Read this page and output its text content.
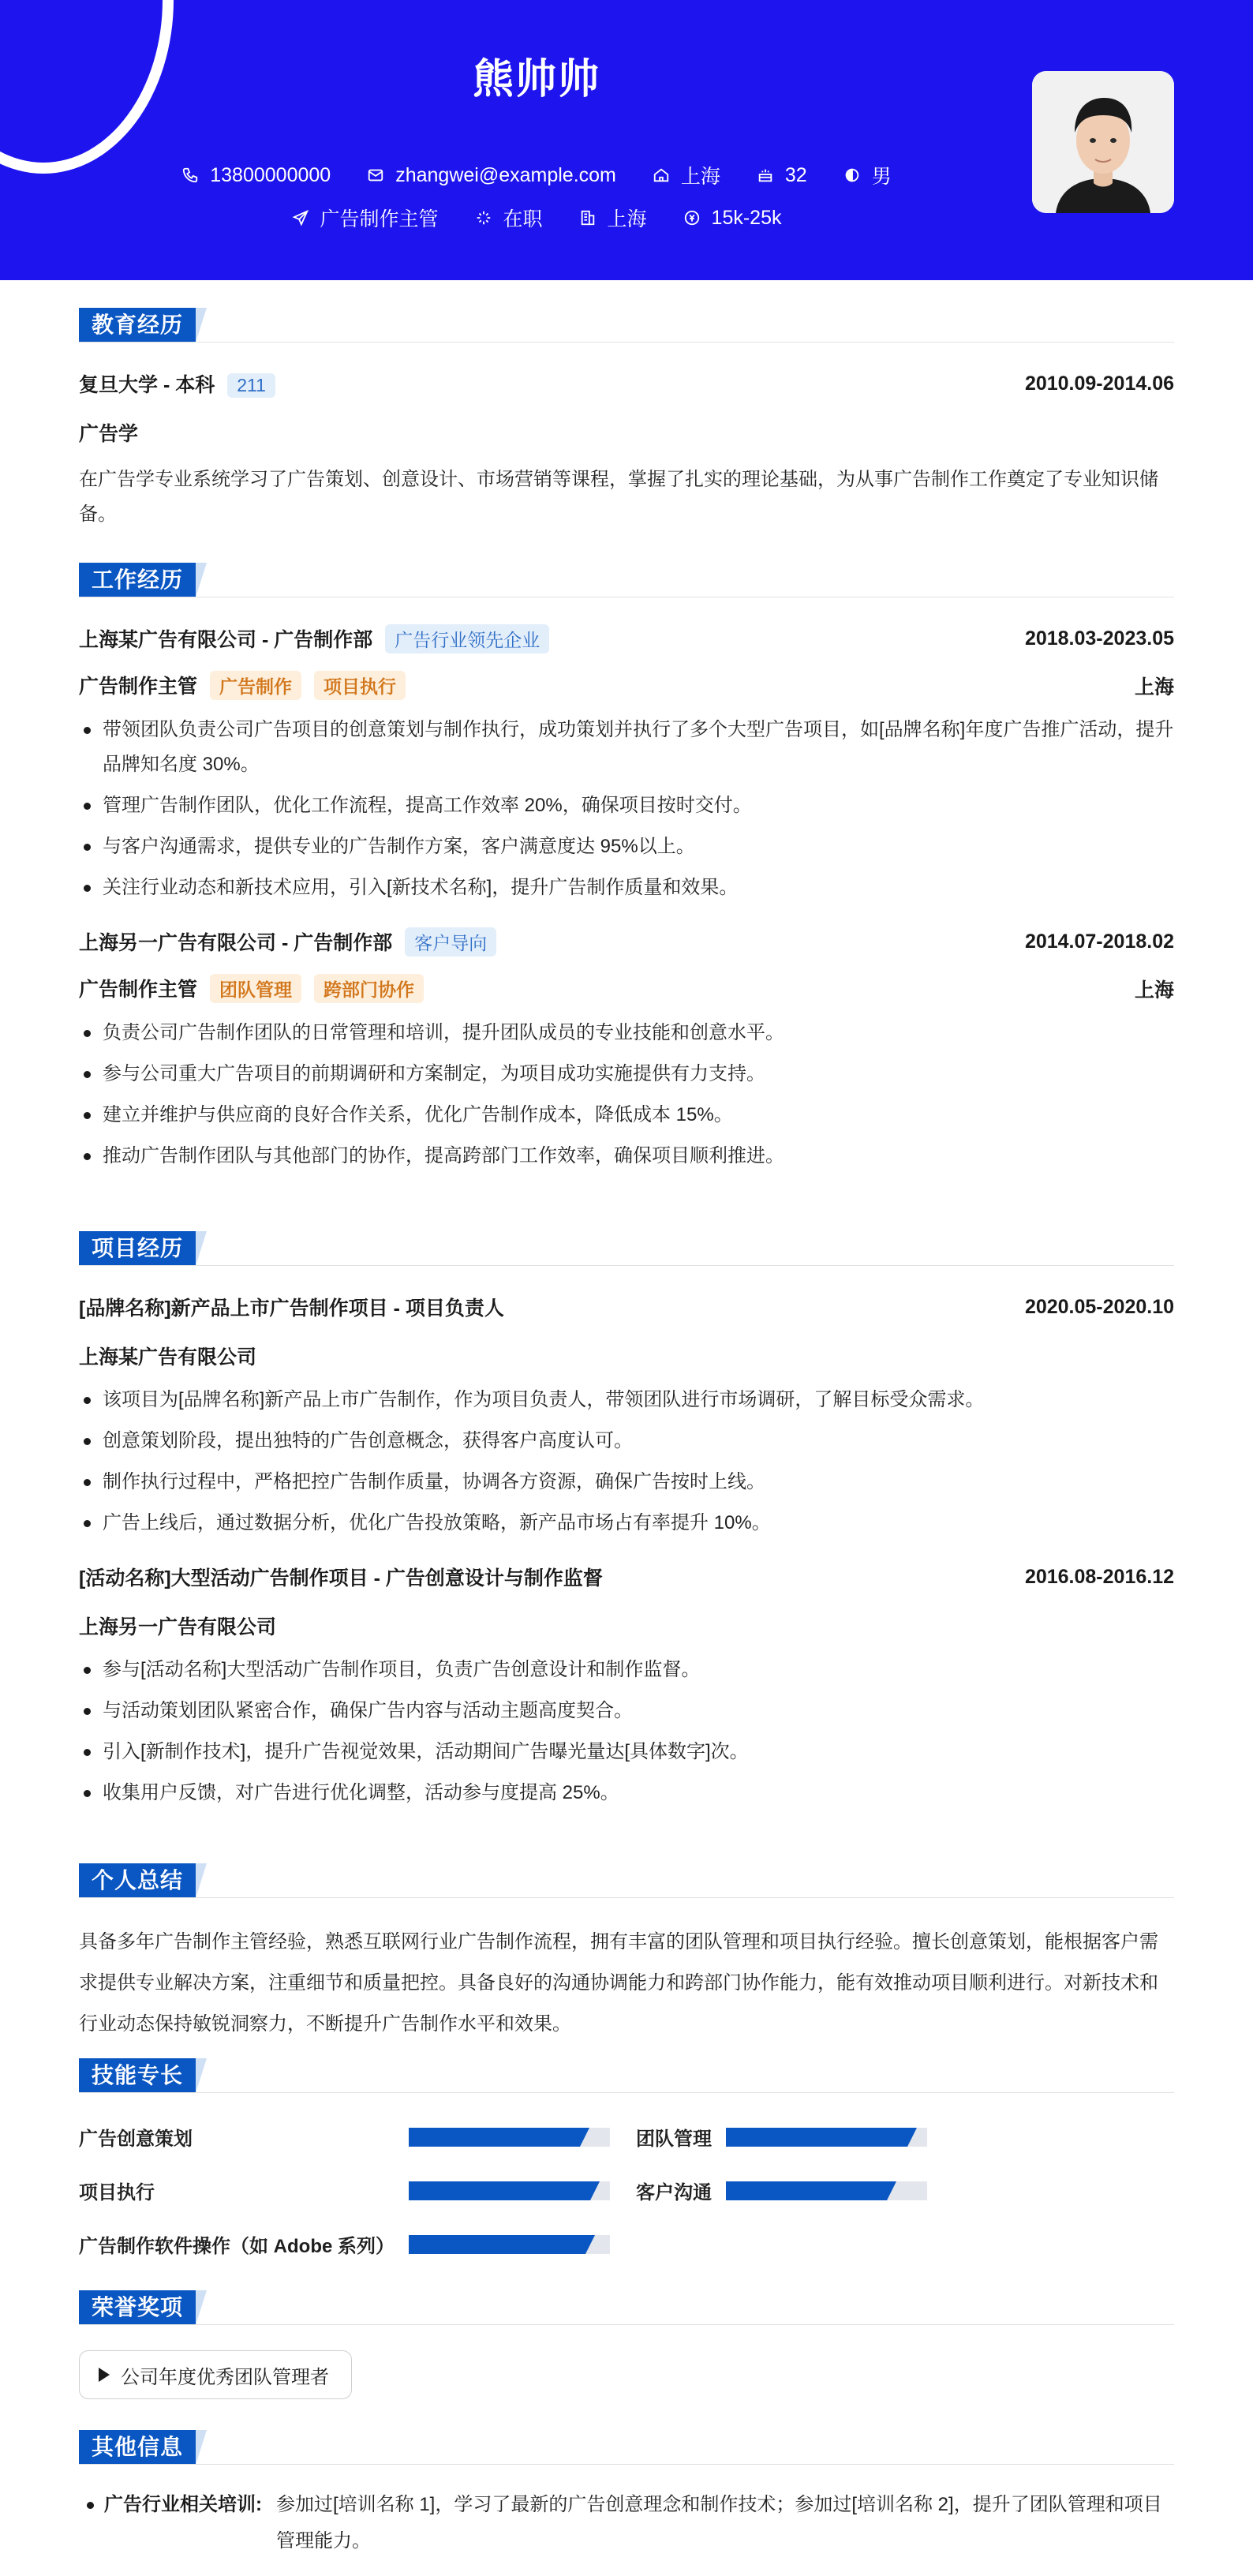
熊帅帅
13800000000	zhangwei@example.com	上海	32	男
广告制作主管	在职	上海	15k-25k
教育经历
复旦大学 - 本科 211	2010.09-2014.06
广告学
在广告学专业系统学习了广告策划、创意设计、市场营销等课程，掌握了扎实的理论基础，为从事广告制作工作奠定了专业知识储备。
工作经历
上海某广告有限公司 - 广告制作部 广告行业领先企业	2018.03-2023.05
广告制作主管 广告制作 项目执行	上海
带领团队负责公司广告项目的创意策划与制作执行，成功策划并执行了多个大型广告项目，如[品牌名称]年度广告推广活动，提升品牌知名度 30%。
管理广告制作团队，优化工作流程，提高工作效率 20%，确保项目按时交付。
与客户沟通需求，提供专业的广告制作方案，客户满意度达 95%以上。
关注行业动态和新技术应用，引入[新技术名称]，提升广告制作质量和效果。
上海另一广告有限公司 - 广告制作部 客户导向	2014.07-2018.02
广告制作主管 团队管理 跨部门协作	上海
负责公司广告制作团队的日常管理和培训，提升团队成员的专业技能和创意水平。
参与公司重大广告项目的前期调研和方案制定，为项目成功实施提供有力支持。
建立并维护与供应商的良好合作关系，优化广告制作成本，降低成本 15%。
推动广告制作团队与其他部门的协作，提高跨部门工作效率，确保项目顺利推进。
项目经历
[品牌名称]新产品上市广告制作项目 - 项目负责人	2020.05-2020.10
上海某广告有限公司
该项目为[品牌名称]新产品上市广告制作，作为项目负责人，带领团队进行市场调研，了解目标受众需求。
创意策划阶段，提出独特的广告创意概念，获得客户高度认可。
制作执行过程中，严格把控广告制作质量，协调各方资源，确保广告按时上线。
广告上线后，通过数据分析，优化广告投放策略，新产品市场占有率提升 10%。
[活动名称]大型活动广告制作项目 - 广告创意设计与制作监督	2016.08-2016.12
上海另一广告有限公司
参与[活动名称]大型活动广告制作项目，负责广告创意设计和制作监督。
与活动策划团队紧密合作，确保广告内容与活动主题高度契合。
引入[新制作技术]，提升广告视觉效果，活动期间广告曝光量达[具体数字]次。
收集用户反馈，对广告进行优化调整，活动参与度提高 25%。
个人总结
具备多年广告制作主管经验，熟悉互联网行业广告制作流程，拥有丰富的团队管理和项目执行经验。擅长创意策划，能根据客户需求提供专业解决方案，注重细节和质量把控。具备良好的沟通协调能力和跨部门协作能力，能有效推动项目顺利进行。对新技术和行业动态保持敏锐洞察力，不断提升广告制作水平和效果。
技能专长
广告创意策划	团队管理
项目执行	客户沟通
广告制作软件操作（如 Adobe 系列）
荣誉奖项
公司年度优秀团队管理者
其他信息
广告行业相关培训: 参加过[培训名称 1]，学习了最新的广告创意理念和制作技术；参加过[培训名称 2]，提升了团队管理和项目管理能力。
